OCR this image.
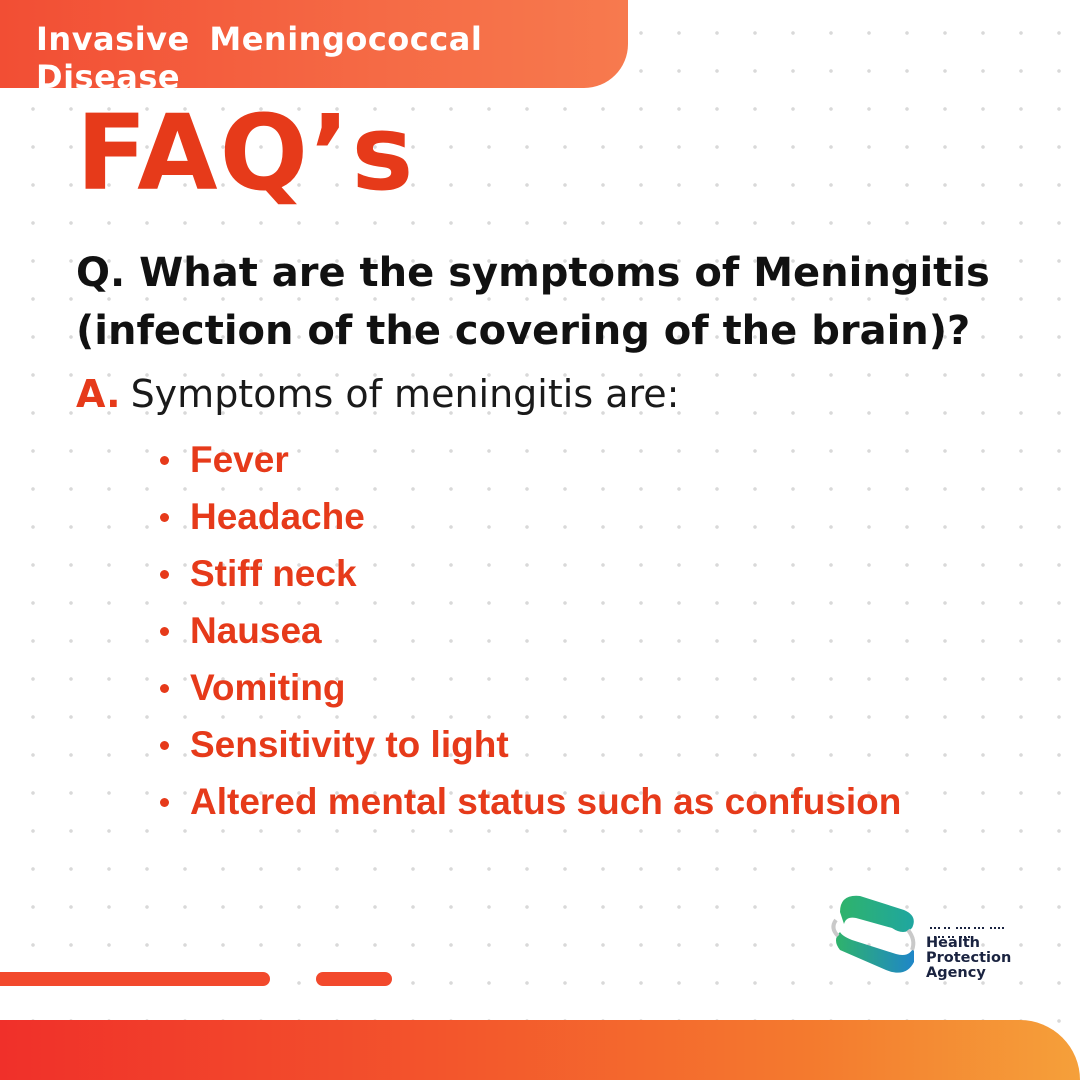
Invasive Meningococcal Disease
FAQ’s
Q. What are the symptoms of Meningitis (infection of the covering of the brain)?
A. Symptoms of meningitis are:
Fever
Headache
Stiff neck
Nausea
Vomiting
Sensitivity to light
Altered mental status such as confusion
Health
Protection
Agency
